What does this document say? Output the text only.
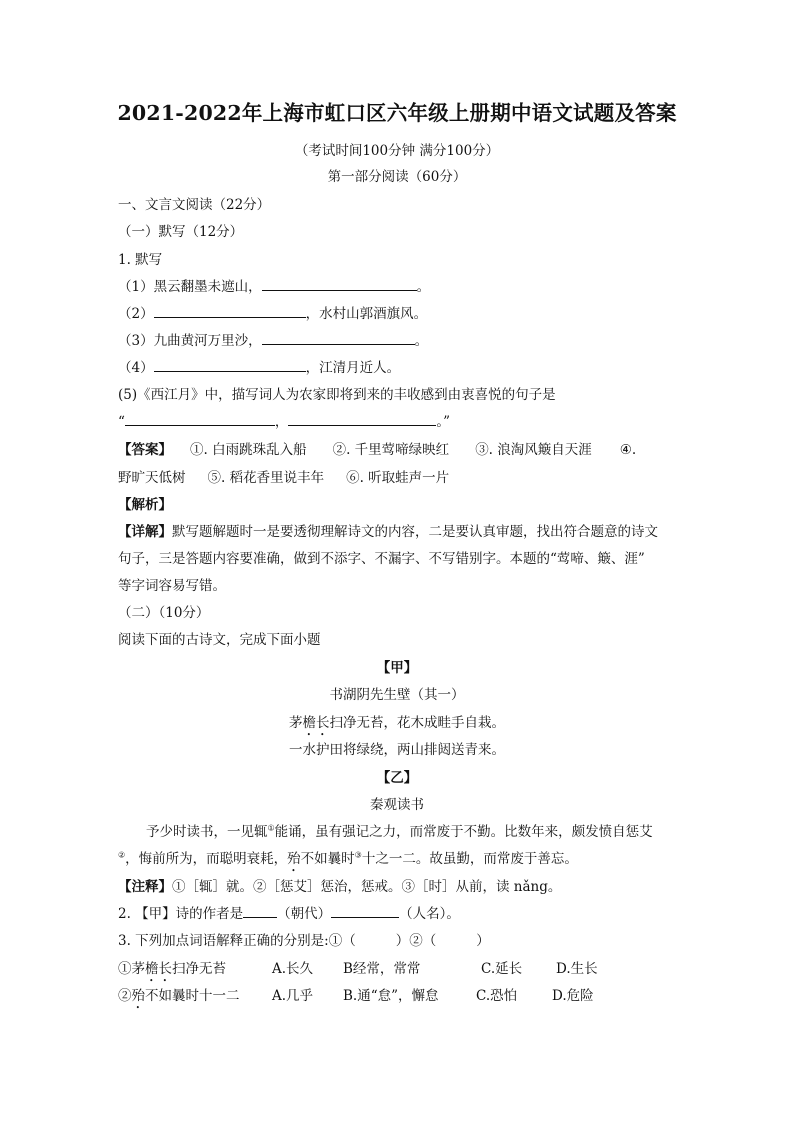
2021-2022年上海市虹口区六年级上册期中语文试题及答案
（考试时间100分钟 满分100分）
第一部分阅读（60分）
一、文言文阅读（22分）
（一）默写（12分）
1. 默写
（1）黑云翻墨未遮山，	。
（2）	，水村山郭酒旗风。
（3）九曲黄河万里沙，	。
（4）	，江清月近人。
(5)《西江月》中，描写词人为农家即将到来的丰收感到由衷喜悦的句子是
“	，	。”
【答案】 ①. 白雨跳珠乱入船 ②. 千里莺啼绿映红 ③. 浪淘风簸自天涯 ④.
野旷天低树 ⑤. 稻花香里说丰年 ⑥. 听取蛙声一片
【解析】
【详解】默写题解题时一是要透彻理解诗文的内容，二是要认真审题，找出符合题意的诗文
句子，三是答题内容要准确，做到不添字、不漏字、不写错别字。本题的“莺啼、簸、涯”
等字词容易写错。
（二）（10分）
阅读下面的古诗文，完成下面小题
【甲】
书湖阴先生壁（其一）
茅檐长扫净无苔，花木成畦手自栽。
一水护田将绿绕，两山排闼送青来。
【乙】
秦观读书
予少时读书，一见辄①能诵，虽有强记之力，而常废于不勤。比数年来，颇发愤自惩艾
②，悔前所为，而聪明衰耗，殆不如曩时③十之一二。故虽勤，而常废于善忘。
【注释】①［辄］就。②［惩艾］惩治，惩戒。③［时］从前，读 nǎng。
2. 【甲】诗的作者是	（朝代）	（人名）。
3. 下列加点词语解释正确的分别是:①（	）②（	）
①茅檐长扫净无苔	A.长久 B经常，常常	C.延长	D.生长
②殆不如曩时十一二 A.几乎 B.通“怠”，懈怠	C.恐怕	D.危险
